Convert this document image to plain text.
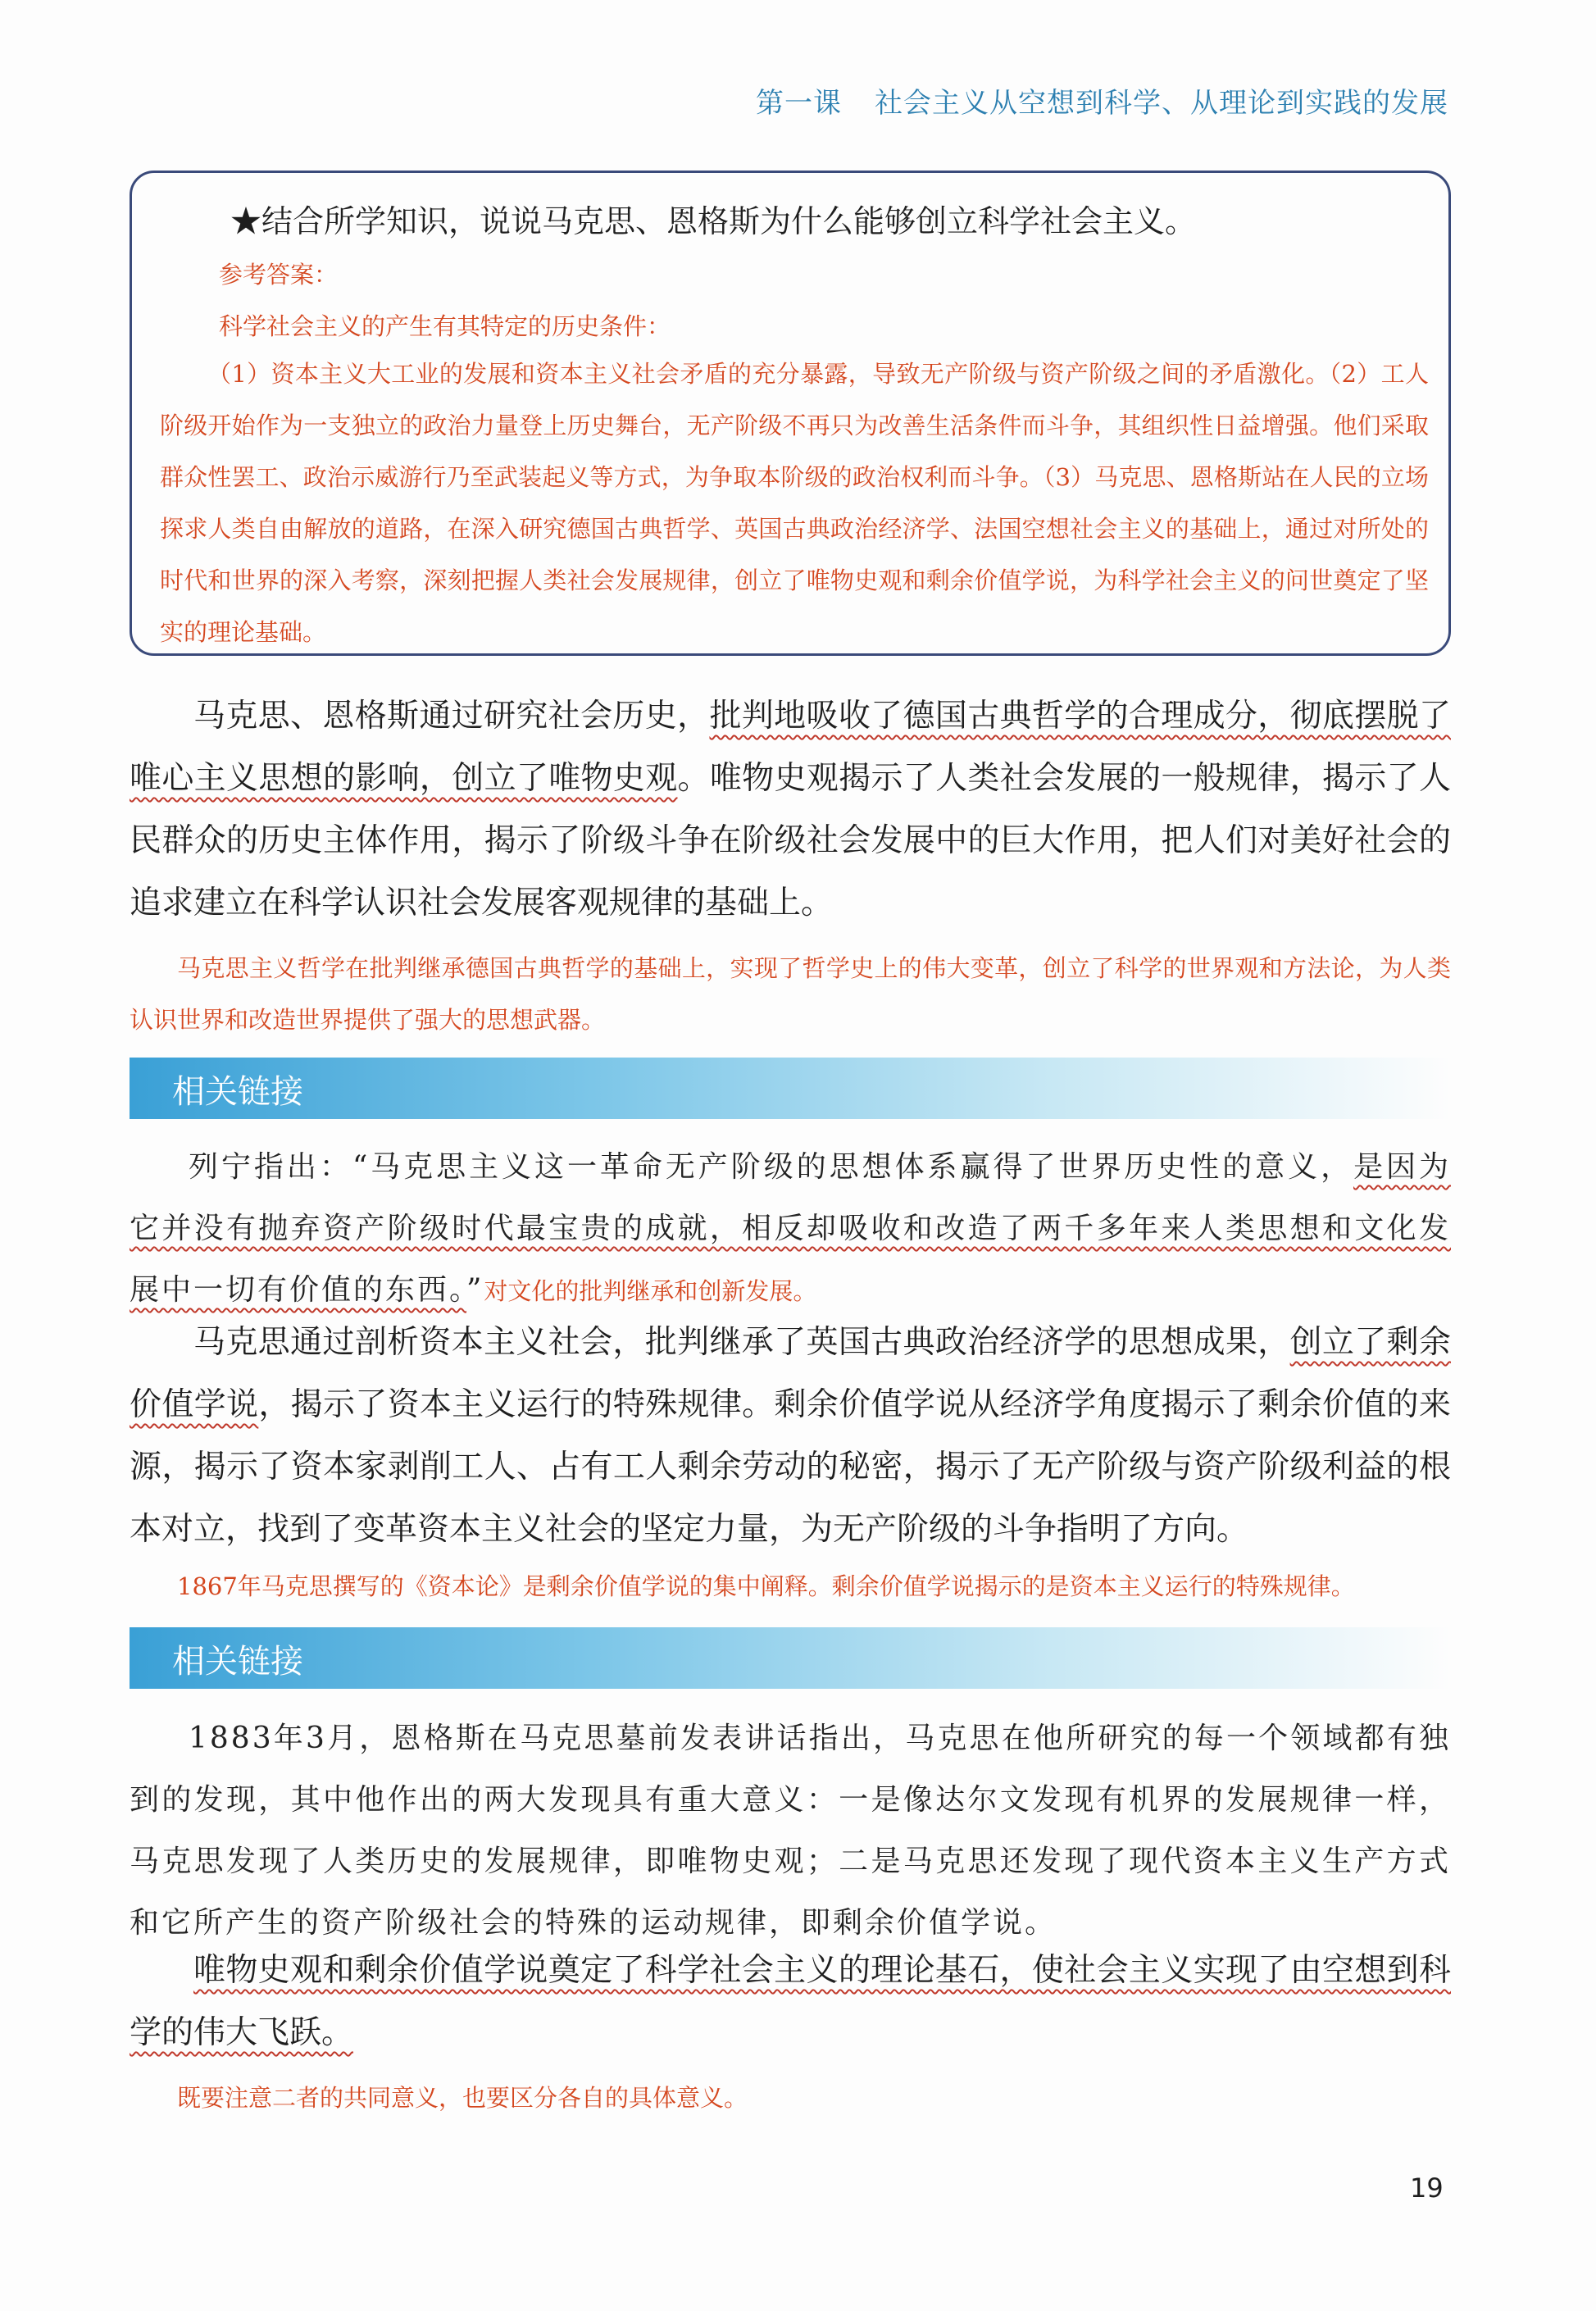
第一课 社会主义从空想到科学、从理论到实践的发展
★结合所学知识，说说马克思、恩格斯为什么能够创立科学社会主义。
参考答案：
科学社会主义的产生有其特定的历史条件：
（1）资本主义大工业的发展和资本主义社会矛盾的充分暴露，导致无产阶级与资产阶级之间的矛盾激化。（2）工人阶级开始作为一支独立的政治力量登上历史舞台，无产阶级不再只为改善生活条件而斗争，其组织性日益增强。他们采取群众性罢工、政治示威游行乃至武装起义等方式，为争取本阶级的政治权利而斗争。（3）马克思、恩格斯站在人民的立场探求人类自由解放的道路，在深入研究德国古典哲学、英国古典政治经济学、法国空想社会主义的基础上，通过对所处的时代和世界的深入考察，深刻把握人类社会发展规律，创立了唯物史观和剩余价值学说，为科学社会主义的问世奠定了坚实的理论基础。
马克思、恩格斯通过研究社会历史，批判地吸收了德国古典哲学的合理成分，彻底摆脱了唯心主义思想的影响，创立了唯物史观。唯物史观揭示了人类社会发展的一般规律，揭示了人民群众的历史主体作用，揭示了阶级斗争在阶级社会发展中的巨大作用，把人们对美好社会的追求建立在科学认识社会发展客观规律的基础上。
马克思主义哲学在批判继承德国古典哲学的基础上，实现了哲学史上的伟大变革，创立了科学的世界观和方法论，为人类认识世界和改造世界提供了强大的思想武器。
相关链接
列宁指出：“马克思主义这一革命无产阶级的思想体系赢得了世界历史性的意义，是因为它并没有抛弃资产阶级时代最宝贵的成就，相反却吸收和改造了两千多年来人类思想和文化发展中一切有价值的东西。”对文化的批判继承和创新发展。
马克思通过剖析资本主义社会，批判继承了英国古典政治经济学的思想成果，创立了剩余价值学说，揭示了资本主义运行的特殊规律。剩余价值学说从经济学角度揭示了剩余价值的来源，揭示了资本家剥削工人、占有工人剩余劳动的秘密，揭示了无产阶级与资产阶级利益的根本对立，找到了变革资本主义社会的坚定力量，为无产阶级的斗争指明了方向。
1867年马克思撰写的《资本论》是剩余价值学说的集中阐释。剩余价值学说揭示的是资本主义运行的特殊规律。
相关链接
1883年3月，恩格斯在马克思墓前发表讲话指出，马克思在他所研究的每一个领域都有独到的发现，其中他作出的两大发现具有重大意义：一是像达尔文发现有机界的发展规律一样，马克思发现了人类历史的发展规律，即唯物史观；二是马克思还发现了现代资本主义生产方式和它所产生的资产阶级社会的特殊的运动规律，即剩余价值学说。
唯物史观和剩余价值学说奠定了科学社会主义的理论基石，使社会主义实现了由空想到科学的伟大飞跃。
既要注意二者的共同意义，也要区分各自的具体意义。
19
